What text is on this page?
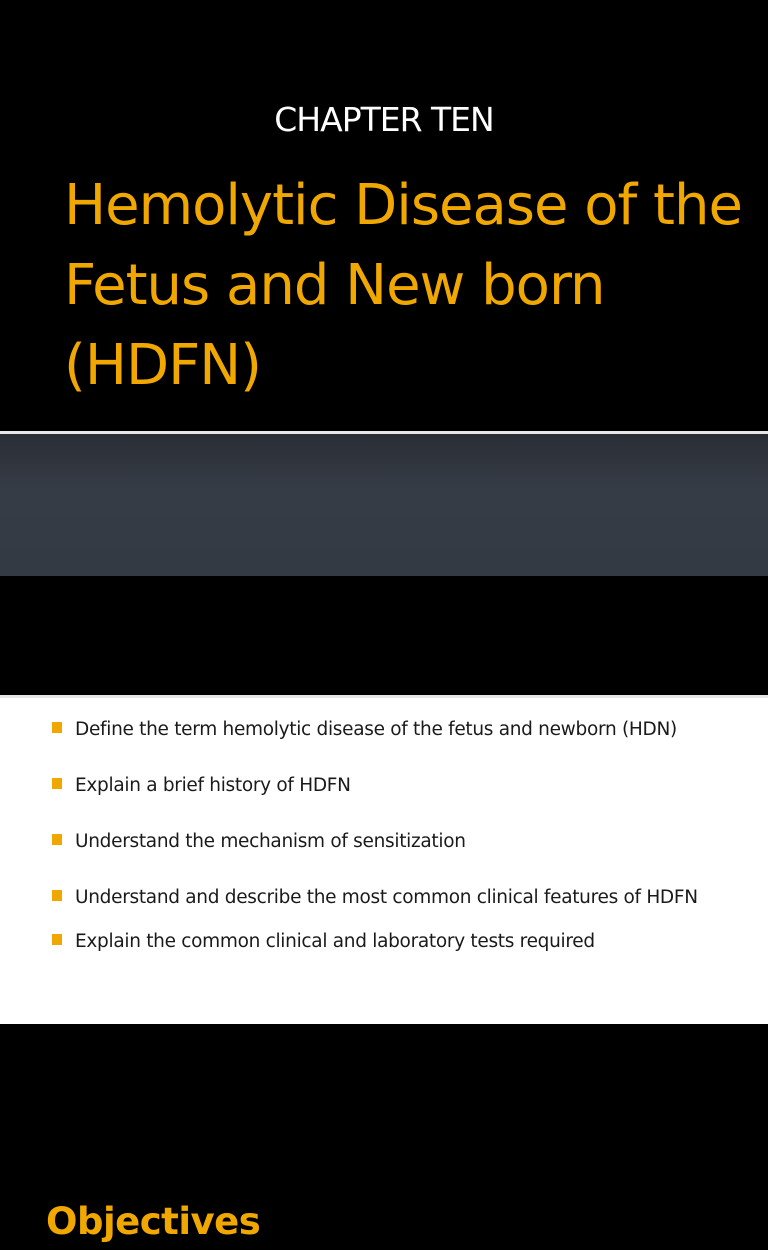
CHAPTER TEN
Hemolytic Disease of the Fetus and New born (HDFN)
Objectives
Define the term hemolytic disease of the fetus and newborn (HDN)
Explain a brief history of HDFN
Understand the mechanism of sensitization
Understand and describe the most common clinical features of HDFN
Explain the common clinical and laboratory tests required
